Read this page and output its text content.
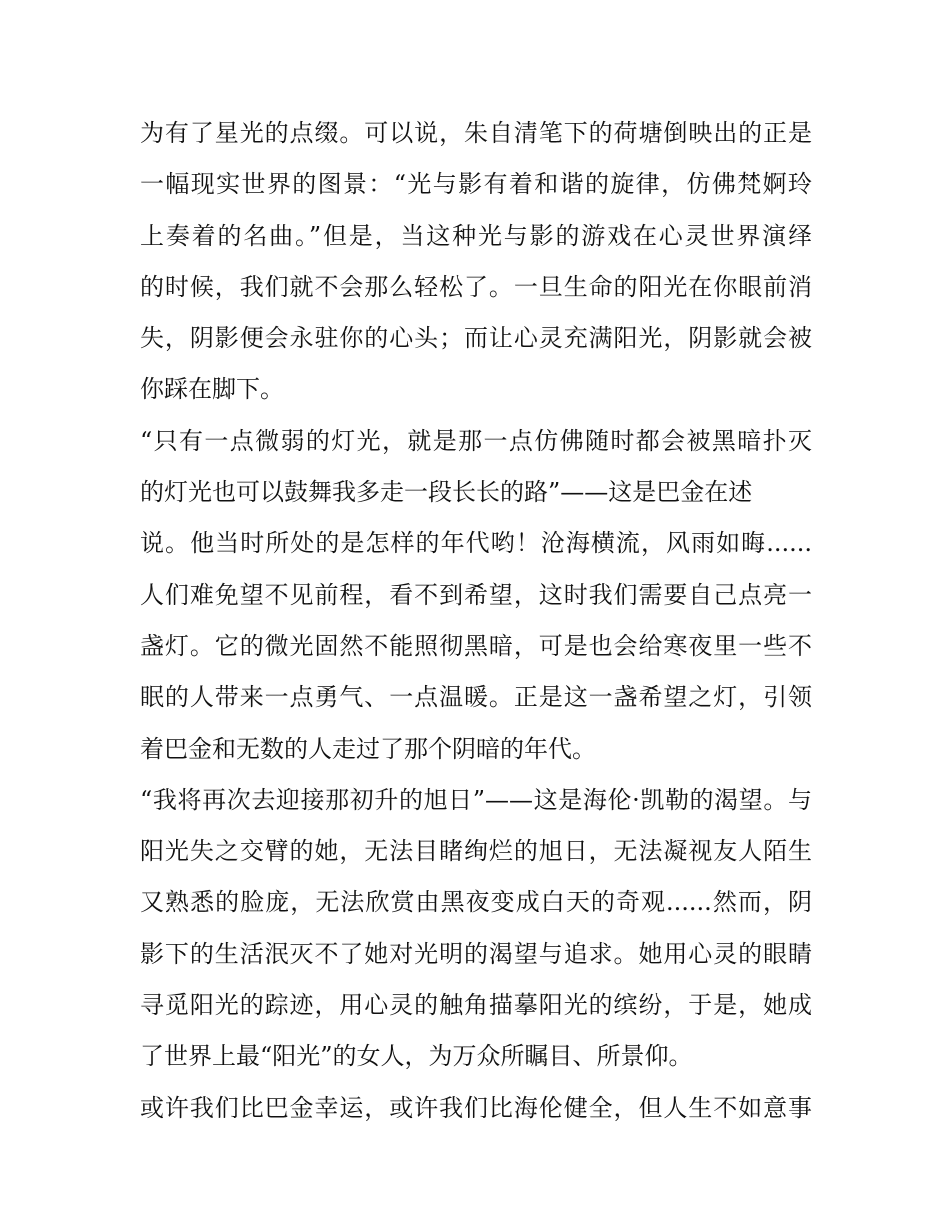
为有了星光的点缀。可以说，朱自清笔下的荷塘倒映出的正是
一幅现实世界的图景：“光与影有着和谐的旋律，仿佛梵婀玲
上奏着的名曲。”但是，当这种光与影的游戏在心灵世界演绎
的时候，我们就不会那么轻松了。一旦生命的阳光在你眼前消
失，阴影便会永驻你的心头；而让心灵充满阳光，阴影就会被
你踩在脚下。
“只有一点微弱的灯光，就是那一点仿佛随时都会被黑暗扑灭
的灯光也可以鼓舞我多走一段长长的路”——这是巴金在述
说。他当时所处的是怎样的年代哟！沧海横流，风雨如晦......
人们难免望不见前程，看不到希望，这时我们需要自己点亮一
盏灯。它的微光固然不能照彻黑暗，可是也会给寒夜里一些不
眠的人带来一点勇气、一点温暖。正是这一盏希望之灯，引领
着巴金和无数的人走过了那个阴暗的年代。
“我将再次去迎接那初升的旭日”——这是海伦·凯勒的渴望。与
阳光失之交臂的她，无法目睹绚烂的旭日，无法凝视友人陌生
又熟悉的脸庞，无法欣赏由黑夜变成白天的奇观......然而，阴
影下的生活泯灭不了她对光明的渴望与追求。她用心灵的眼睛
寻觅阳光的踪迹，用心灵的触角描摹阳光的缤纷，于是，她成
了世界上最“阳光”的女人，为万众所瞩目、所景仰。
或许我们比巴金幸运，或许我们比海伦健全，但人生不如意事
